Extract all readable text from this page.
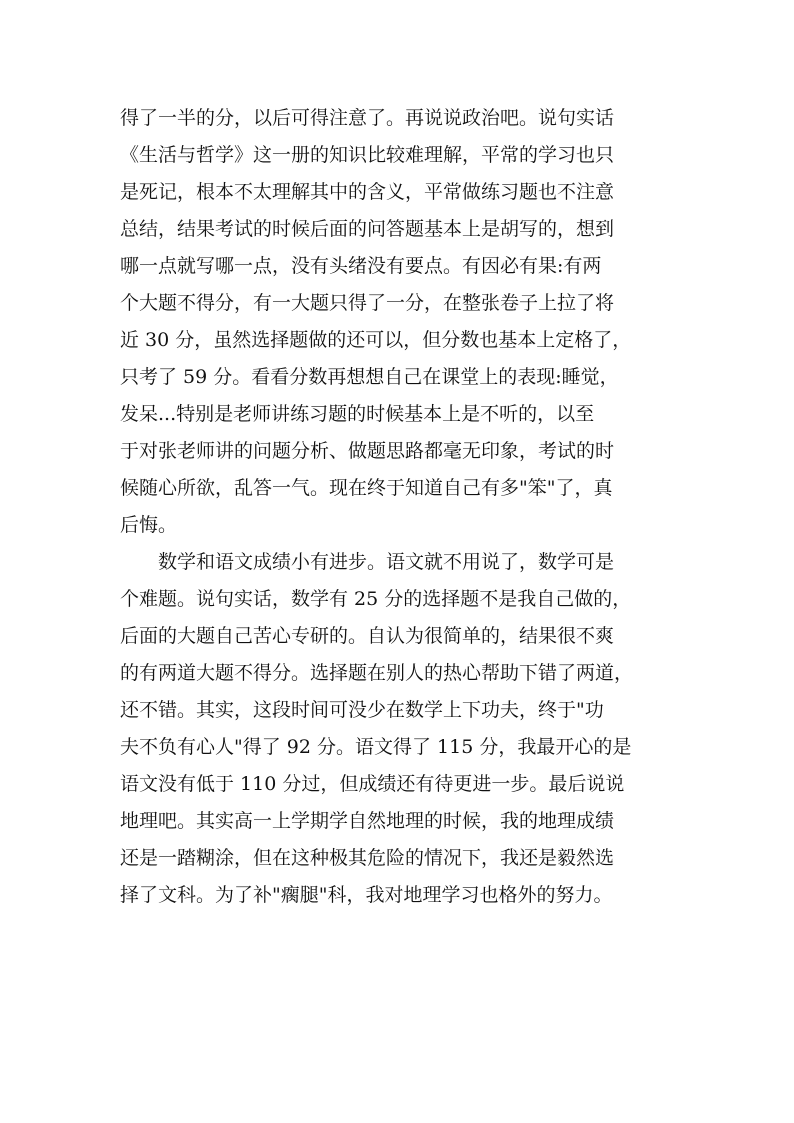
得了一半的分，以后可得注意了。再说说政治吧。说句实话
《生活与哲学》这一册的知识比较难理解，平常的学习也只
是死记，根本不太理解其中的含义，平常做练习题也不注意
总结，结果考试的时候后面的问答题基本上是胡写的，想到
哪一点就写哪一点，没有头绪没有要点。有因必有果:有两
个大题不得分，有一大题只得了一分，在整张卷子上拉了将
近 30 分，虽然选择题做的还可以，但分数也基本上定格了，
只考了 59 分。看看分数再想想自己在课堂上的表现:睡觉，
发呆...特别是老师讲练习题的时候基本上是不听的，以至
于对张老师讲的问题分析、做题思路都毫无印象，考试的时
候随心所欲，乱答一气。现在终于知道自己有多"笨"了，真
后悔。
数学和语文成绩小有进步。语文就不用说了，数学可是
个难题。说句实话，数学有 25 分的选择题不是我自己做的，
后面的大题自己苦心专研的。自认为很简单的，结果很不爽
的有两道大题不得分。选择题在别人的热心帮助下错了两道，
还不错。其实，这段时间可没少在数学上下功夫，终于"功
夫不负有心人"得了 92 分。语文得了 115 分，我最开心的是
语文没有低于 110 分过，但成绩还有待更进一步。最后说说
地理吧。其实高一上学期学自然地理的时候，我的地理成绩
还是一踏糊涂，但在这种极其危险的情况下，我还是毅然选
择了文科。为了补"瘸腿"科，我对地理学习也格外的努力。
